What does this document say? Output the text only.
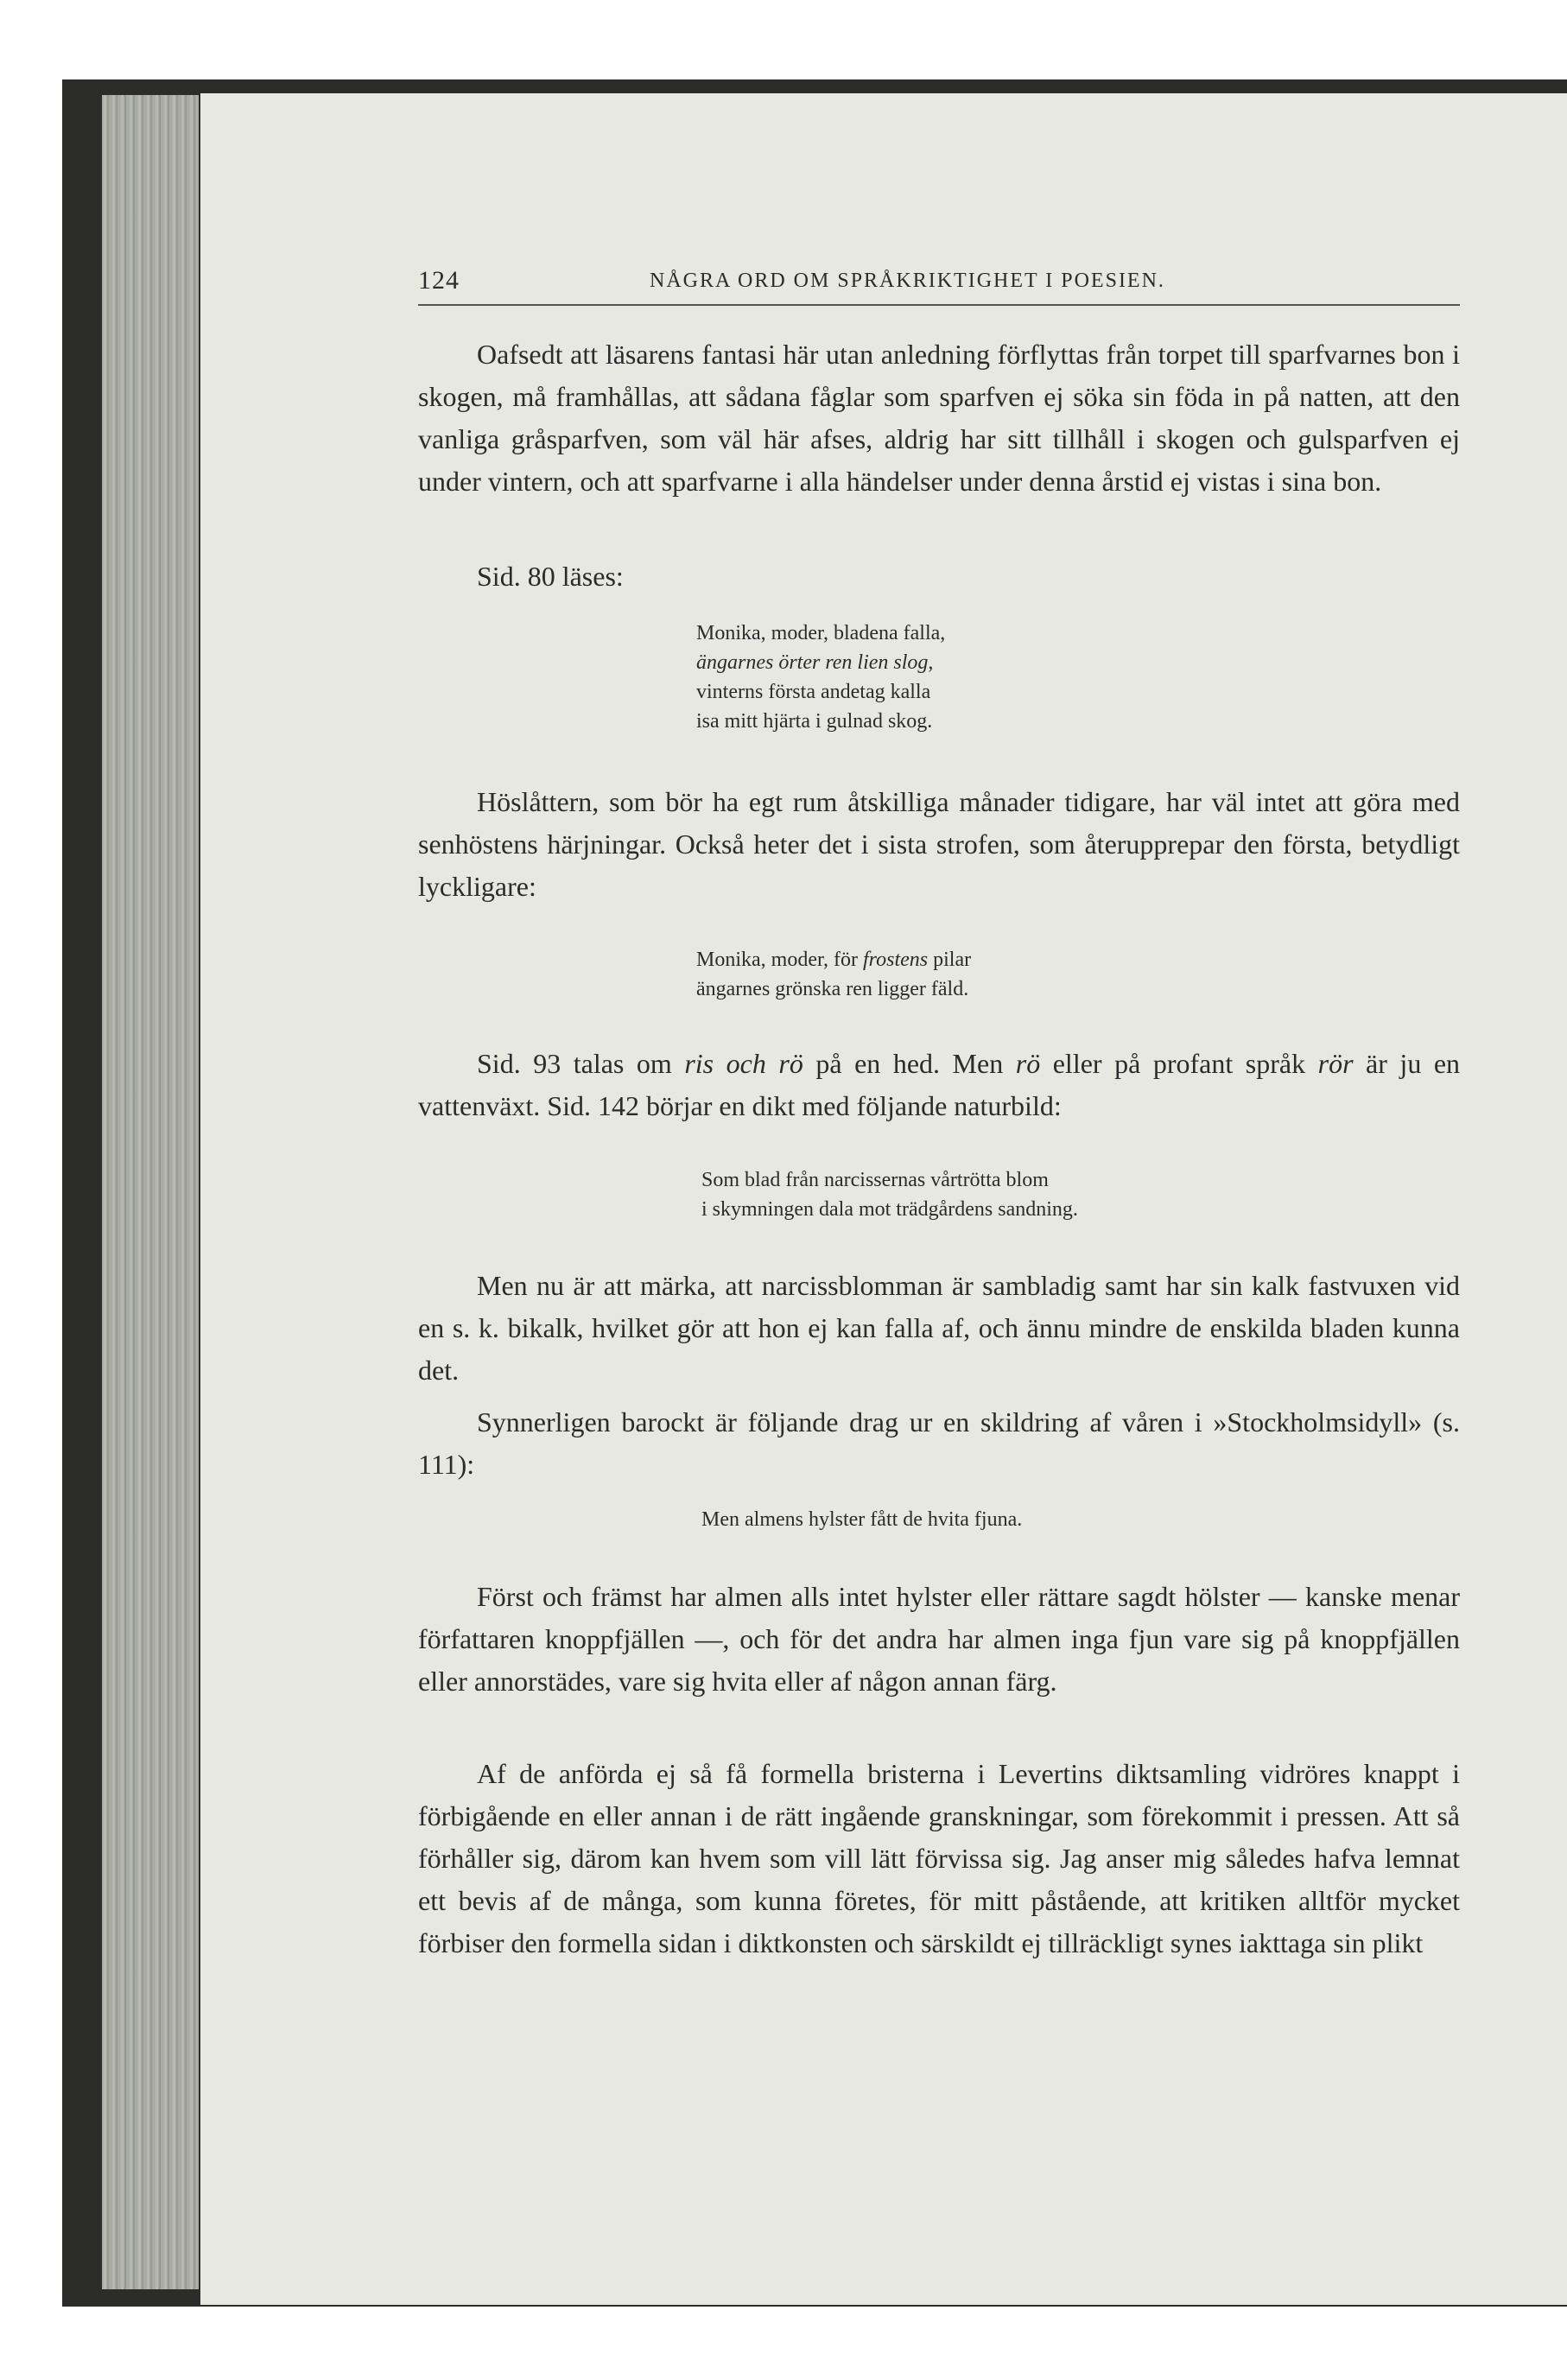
124	NÅGRA ORD OM SPRÅKRIKTIGHET I POESIEN.

Oafsedt att läsarens fantasi här utan anledning förflyttas från torpet till sparfvarnes bon i skogen, må framhållas, att sådana fåglar som sparfven ej söka sin föda in på natten, att den vanliga gråsparfven, som väl här afses, aldrig har sitt tillhåll i skogen och gulsparfven ej under vintern, och att sparfvarne i alla händelser under denna årstid ej vistas i sina bon.

Sid. 80 läses:

Monika, moder, bladena falla,
ängarnes örter ren lien slog,
vinterns första andetag kalla
isa mitt hjärta i gulnad skog.

Höslåttern, som bör ha egt rum åtskilliga månader tidigare, har väl intet att göra med senhöstens härjningar. Också heter det i sista strofen, som återupprepar den första, betydligt lyckligare:

Monika, moder, för frostens pilar
ängarnes grönska ren ligger fäld.

Sid. 93 talas om ris och rö på en hed. Men rö eller på profant språk rör är ju en vattenväxt. Sid. 142 börjar en dikt med följande naturbild:

Som blad från narcissernas vårtrötta blom
i skymningen dala mot trädgårdens sandning.

Men nu är att märka, att narcissblomman är sambladig samt har sin kalk fastvuxen vid en s. k. bikalk, hvilket gör att hon ej kan falla af, och ännu mindre de enskilda bladen kunna det.

Synnerligen barockt är följande drag ur en skildring af våren i »Stockholmsidyll» (s. 111):

Men almens hylster fått de hvita fjuna.

Först och främst har almen alls intet hylster eller rättare sagdt hölster — kanske menar författaren knoppfjällen —, och för det andra har almen inga fjun vare sig på knoppfjällen eller annorstädes, vare sig hvita eller af någon annan färg.

Af de anförda ej så få formella bristerna i Levertins diktsamling vidröres knappt i förbigående en eller annan i de rätt ingående granskningar, som förekommit i pressen. Att så förhåller sig, därom kan hvem som vill lätt förvissa sig. Jag anser mig således hafva lemnat ett bevis af de många, som kunna företes, för mitt påstående, att kritiken alltför mycket förbiser den formella sidan i diktkonsten och särskildt ej tillräckligt synes iakttaga sin plikt
